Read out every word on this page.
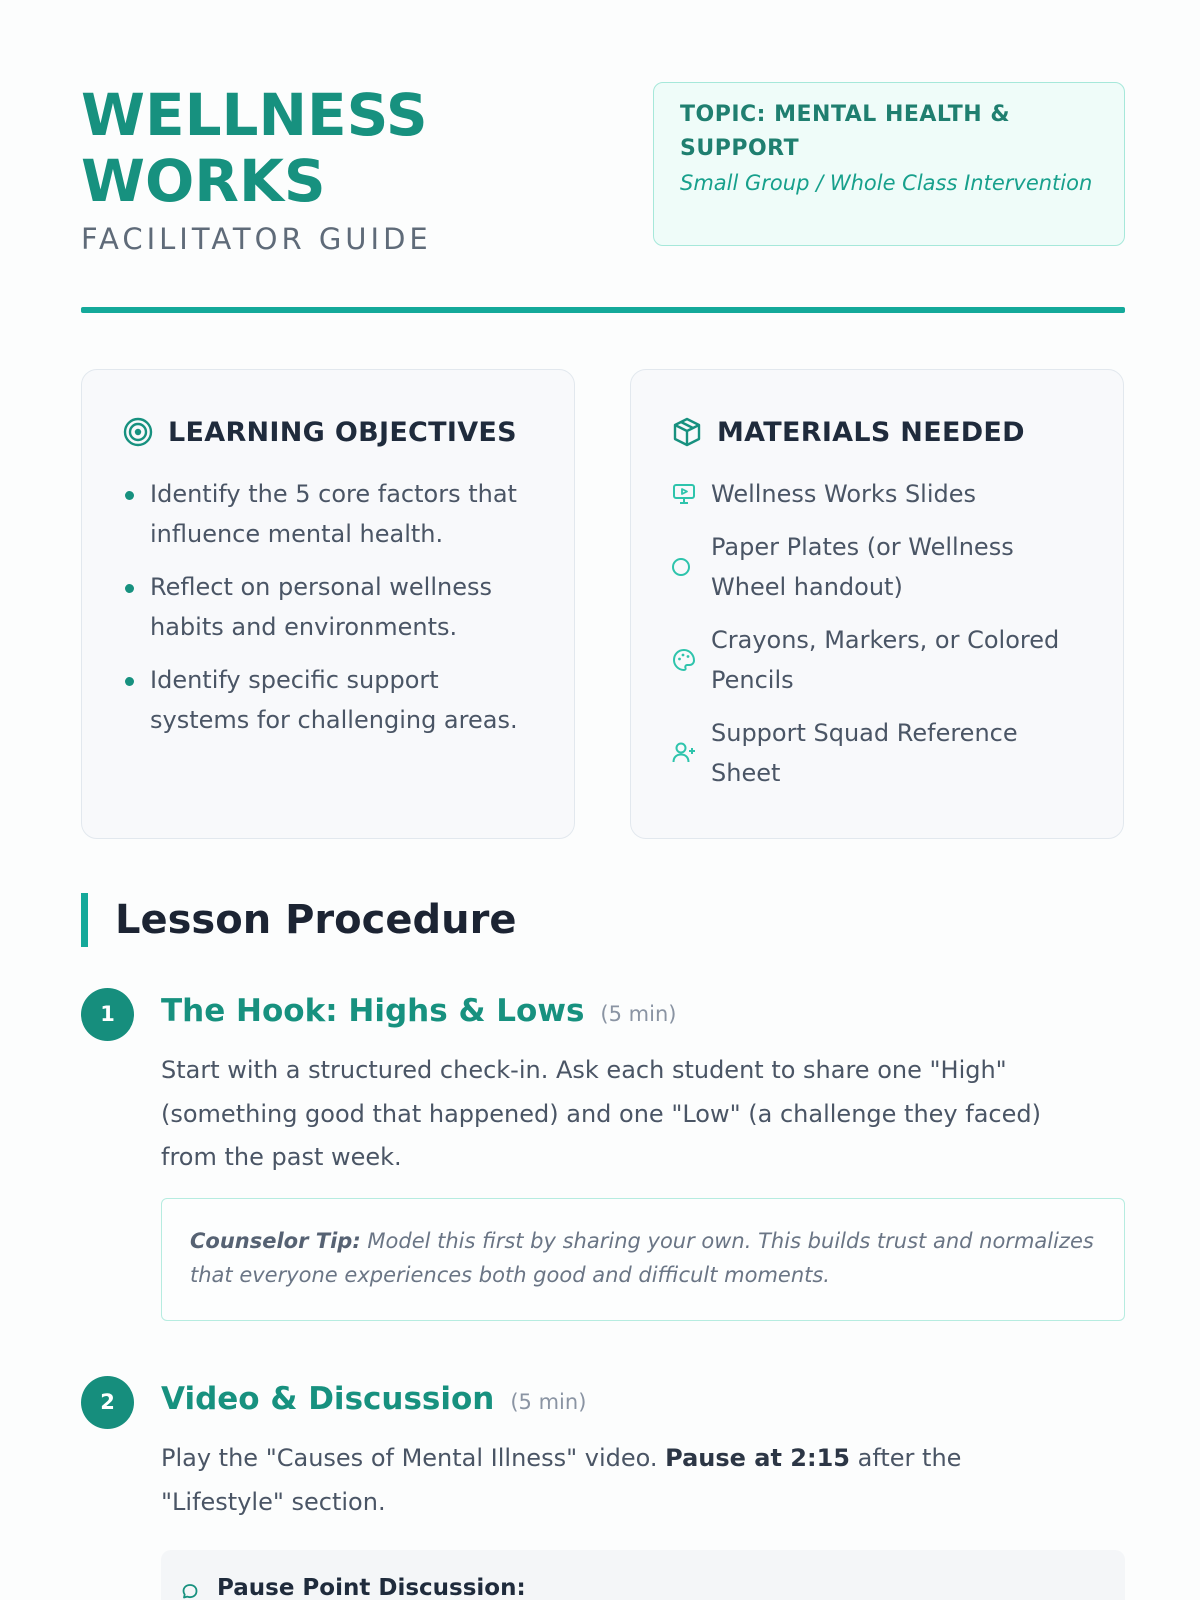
WELLNESS
WORKS
FACILITATOR GUIDE
TOPIC: MENTAL HEALTH & SUPPORT
Small Group / Whole Class Intervention
LEARNING OBJECTIVES
Identify the 5 core factors that influence mental health.
Reflect on personal wellness habits and environments.
Identify specific support systems for challenging areas.
MATERIALS NEEDED
Wellness Works Slides
Paper Plates (or Wellness Wheel handout)
Crayons, Markers, or Colored Pencils
Support Squad Reference Sheet
Lesson Procedure
1	The Hook: Highs & Lows (5 min)
Start with a structured check-in. Ask each student to share one "High" (something good that happened) and one "Low" (a challenge they faced) from the past week.
Counselor Tip: Model this first by sharing your own. This builds trust and normalizes that everyone experiences both good and difficult moments.
2	Video & Discussion (5 min)
Play the "Causes of Mental Illness" video. Pause at 2:15 after the "Lifestyle" section.
Pause Point Discussion:
